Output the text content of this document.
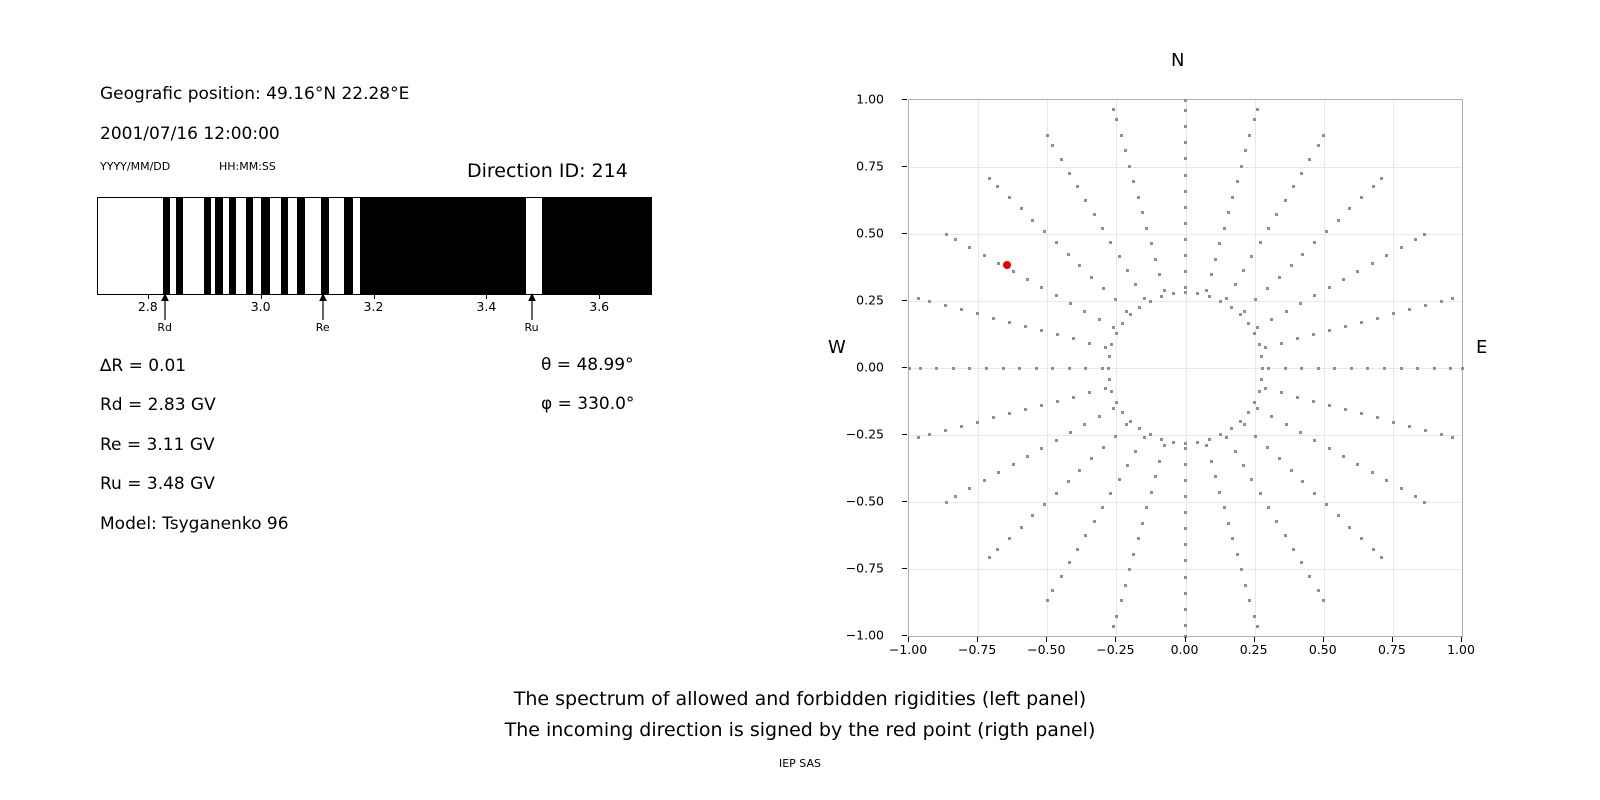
Geografic position: 49.16°N 22.28°E
2001/07/16 12:00:00
YYYY/MM/DD	HH:MM:SS	Direction ID: 214
2.8	3.0	3.2	3.4	3.6
Rd	Re	Ru
∆R = 0.01
Rd = 2.83 GV
Re = 3.11 GV
Ru = 3.48 GV
Model: Tsyganenko 96
θ = 48.99°
φ = 330.0°
N
W	E
−1.00
−0.75
−0.50
−0.25
0.00
0.25
0.50
0.75
1.00
−1.00 −0.75 −0.50 −0.25	0.00	0.25	0.50	0.75	1.00
The spectrum of allowed and forbidden rigidities (left panel)
The incoming direction is signed by the red point (rigth panel)
IEP SAS
